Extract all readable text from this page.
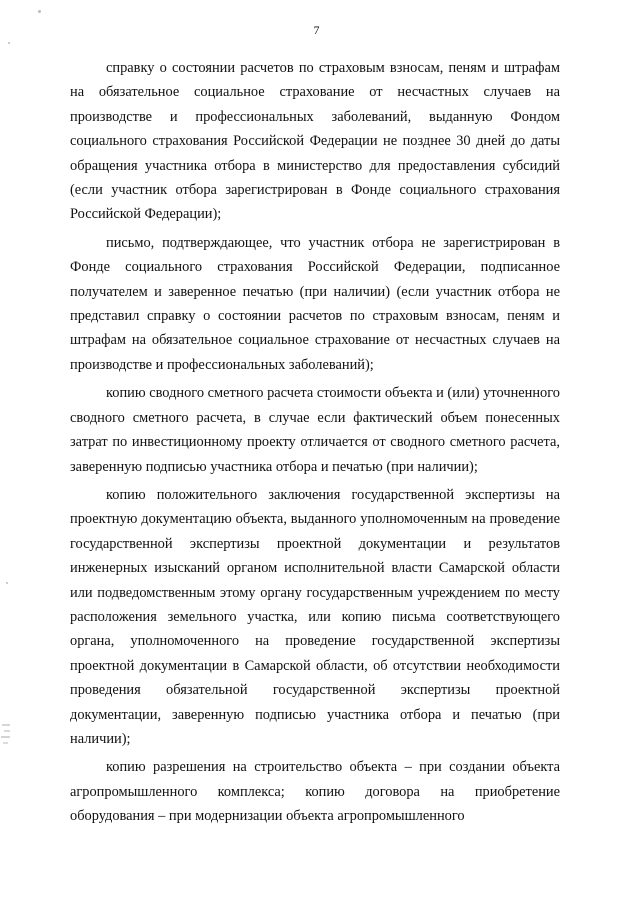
7

справку о состоянии расчетов по страховым взносам, пеням и штрафам на обязательное социальное страхование от несчастных случаев на производстве и профессиональных заболеваний, выданную Фондом социального страхования Российской Федерации не позднее 30 дней до даты обращения участника отбора в министерство для предоставления субсидий (если участник отбора зарегистрирован в Фонде социального страхования Российской Федерации);

письмо, подтверждающее, что участник отбора не зарегистрирован в Фонде социального страхования Российской Федерации, подписанное получателем и заверенное печатью (при наличии) (если участник отбора не представил справку о состоянии расчетов по страховым взносам, пеням и штрафам на обязательное социальное страхование от несчастных случаев на производстве и профессиональных заболеваний);

копию сводного сметного расчета стоимости объекта и (или) уточненного сводного сметного расчета, в случае если фактический объем понесенных затрат по инвестиционному проекту отличается от сводного сметного расчета, заверенную подписью участника отбора и печатью (при наличии);

копию положительного заключения государственной экспертизы на проектную документацию объекта, выданного уполномоченным на проведение государственной экспертизы проектной документации и результатов инженерных изысканий органом исполнительной власти Самарской области или подведомственным этому органу государственным учреждением по месту расположения земельного участка, или копию письма соответствующего органа, уполномоченного на проведение государственной экспертизы проектной документации в Самарской области, об отсутствии необходимости проведения обязательной государственной экспертизы проектной документации, заверенную подписью участника отбора и печатью (при наличии);

копию разрешения на строительство объекта – при создании объекта агропромышленного комплекса; копию договора на приобретение оборудования – при модернизации объекта агропромышленного
